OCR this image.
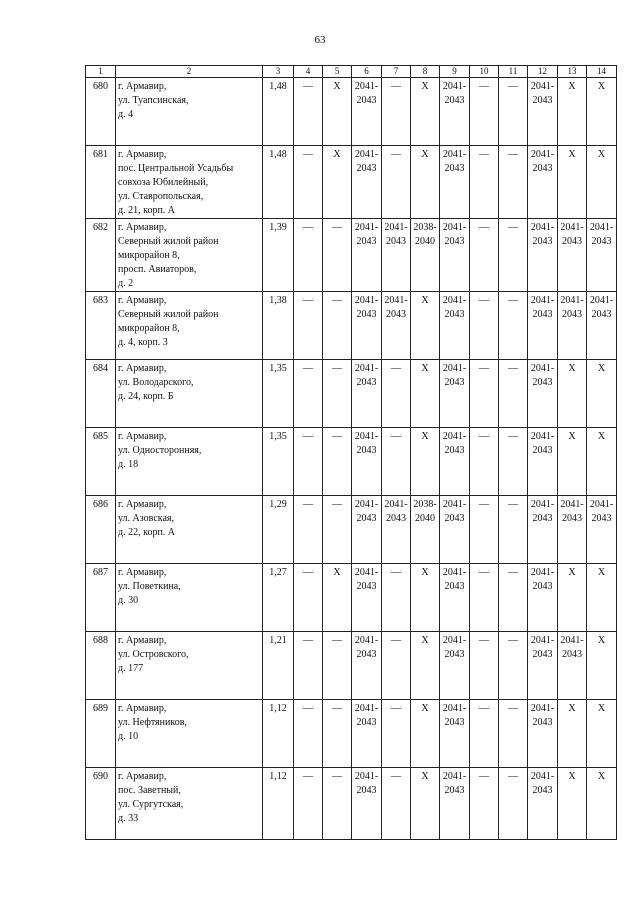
63
1	2	3	4	5	6	7	8	9	10	11	12	13	14
680	г. Армавир,
ул. Туапсинская,
д. 4	1,48	—	X	2041-
2043	—	X	2041-
2043	—	—	2041-
2043	X	X

681	г. Армавир,
пос. Центральной Усадьбы
совхоза Юбилейный,
ул. Ставропольская,
д. 21, корп. А	1,48	—	X	2041-
2043	—	X	2041-
2043	—	—	2041-
2043	X	X

682	г. Армавир,
Северный жилой район
микрорайон 8,
просп. Авиаторов,
д. 2	1,39	—	—	2041-
2043	2041-
2043	2038-
2040	2041-
2043	—	—	2041-
2043	2041-
2043	2041-
2043

683	г. Армавир,
Северный жилой район
микрорайон 8,
д. 4, корп. 3	1,38	—	—	2041-
2043	2041-
2043	X	2041-
2043	—	—	2041-
2043	2041-
2043	2041-
2043

684	г. Армавир,
ул. Володарского,
д. 24, корп. Б	1,35	—	—	2041-
2043	—	X	2041-
2043	—	—	2041-
2043	X	X

685	г. Армавир,
ул. Односторонняя,
д. 18	1,35	—	—	2041-
2043	—	X	2041-
2043	—	—	2041-
2043	X	X

686	г. Армавир,
ул. Азовская,
д. 22, корп. А	1,29	—	—	2041-
2043	2041-
2043	2038-
2040	2041-
2043	—	—	2041-
2043	2041-
2043	2041-
2043

687	г. Армавир,
ул. Поветкина,
д. 30	1,27	—	X	2041-
2043	—	X	2041-
2043	—	—	2041-
2043	X	X

688	г. Армавир,
ул. Островского,
д. 177	1,21	—	—	2041-
2043	—	X	2041-
2043	—	—	2041-
2043	2041-
2043	X

689	г. Армавир,
ул. Нефтяников,
д. 10	1,12	—	—	2041-
2043	—	X	2041-
2043	—	—	2041-
2043	X	X

690	г. Армавир,
пос. Заветный,
ул. Сургутская,
д. 33	1,12	—	—	2041-
2043	—	X	2041-
2043	—	—	2041-
2043	X	X
